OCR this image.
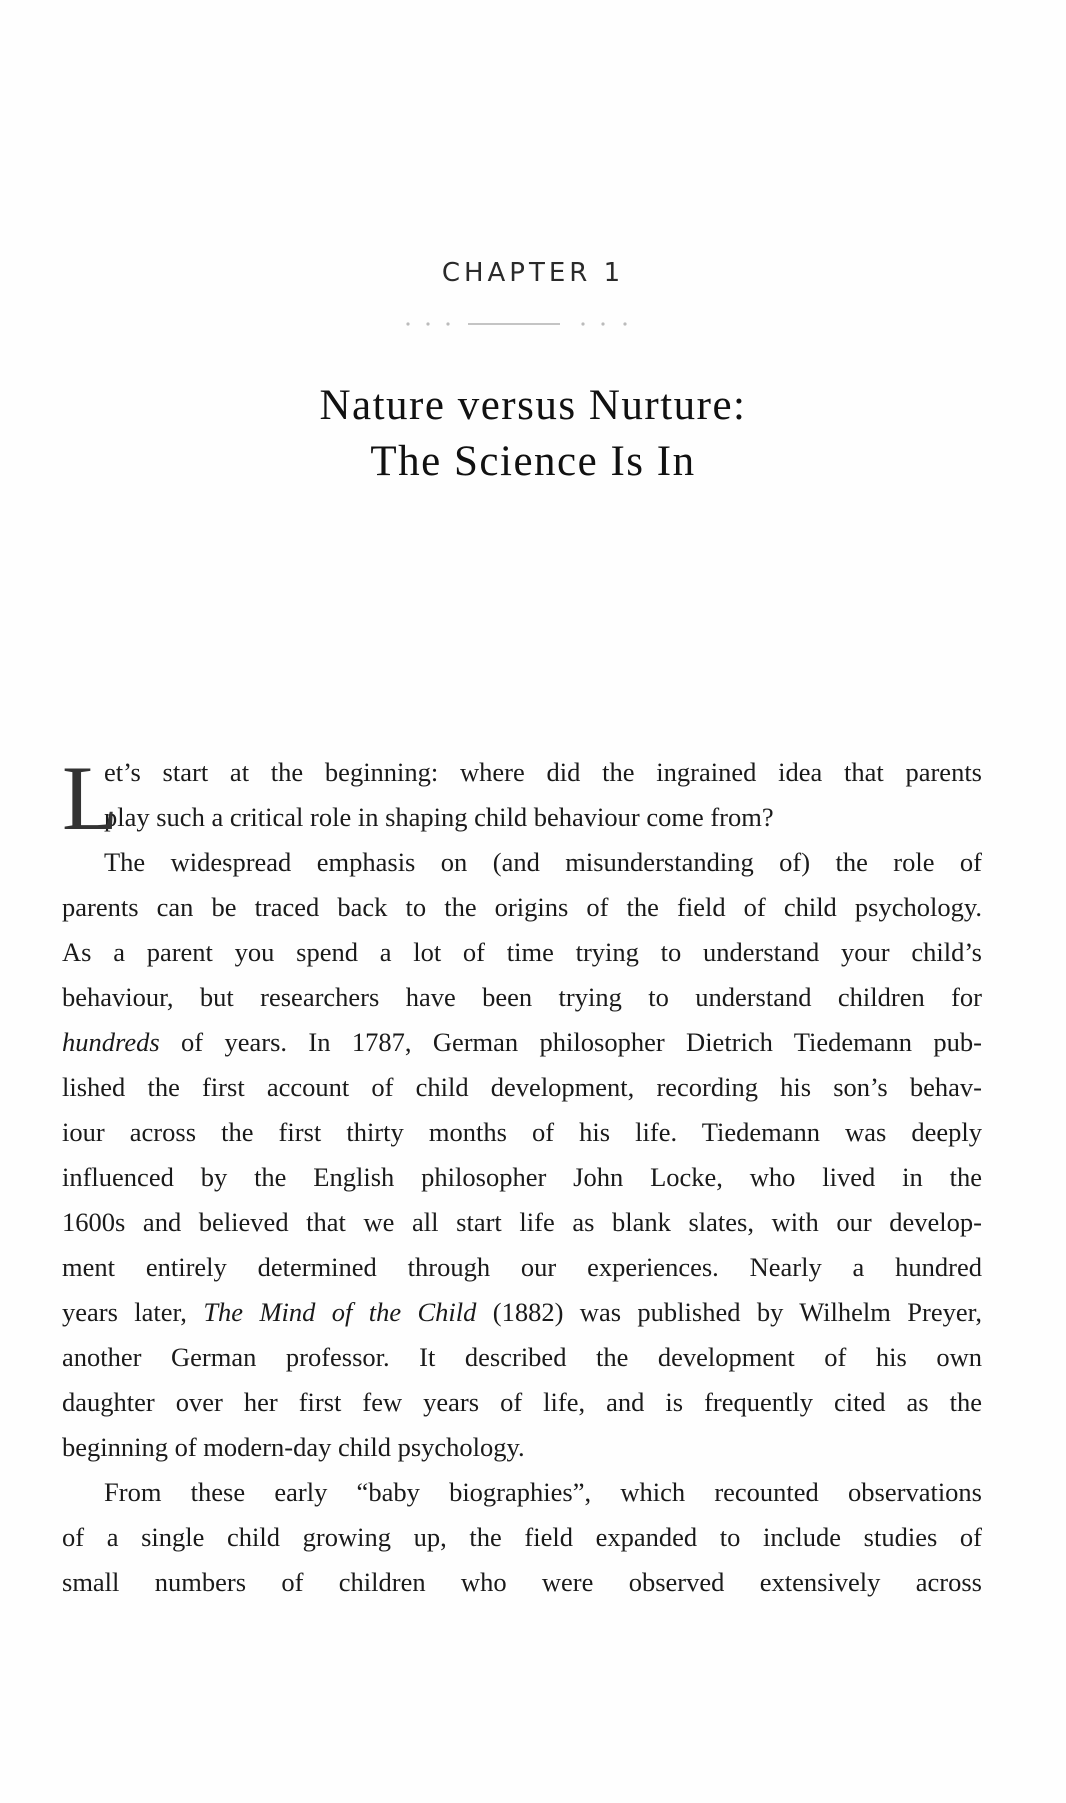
CHAPTER 1
Nature versus Nurture:
The Science Is In
L
et’s start at the beginning: where did the ingrained idea that parents
play such a critical role in shaping child behaviour come from?
The widespread emphasis on (and misunderstanding of) the role of
parents can be traced back to the origins of the field of child psychology.
As a parent you spend a lot of time trying to understand your child’s
behaviour, but researchers have been trying to understand children for
hundreds of years. In 1787, German philosopher Dietrich Tiedemann pub-
lished the first account of child development, recording his son’s behav-
iour across the first thirty months of his life. Tiedemann was deeply
influenced by the English philosopher John Locke, who lived in the
1600s and believed that we all start life as blank slates, with our develop-
ment entirely determined through our experiences. Nearly a hundred
years later, The Mind of the Child (1882) was published by Wilhelm Preyer,
another German professor. It described the development of his own
daughter over her first few years of life, and is frequently cited as the
beginning of modern-day child psychology.
From these early “baby biographies”, which recounted observations
of a single child growing up, the field expanded to include studies of
small numbers of children who were observed extensively across
